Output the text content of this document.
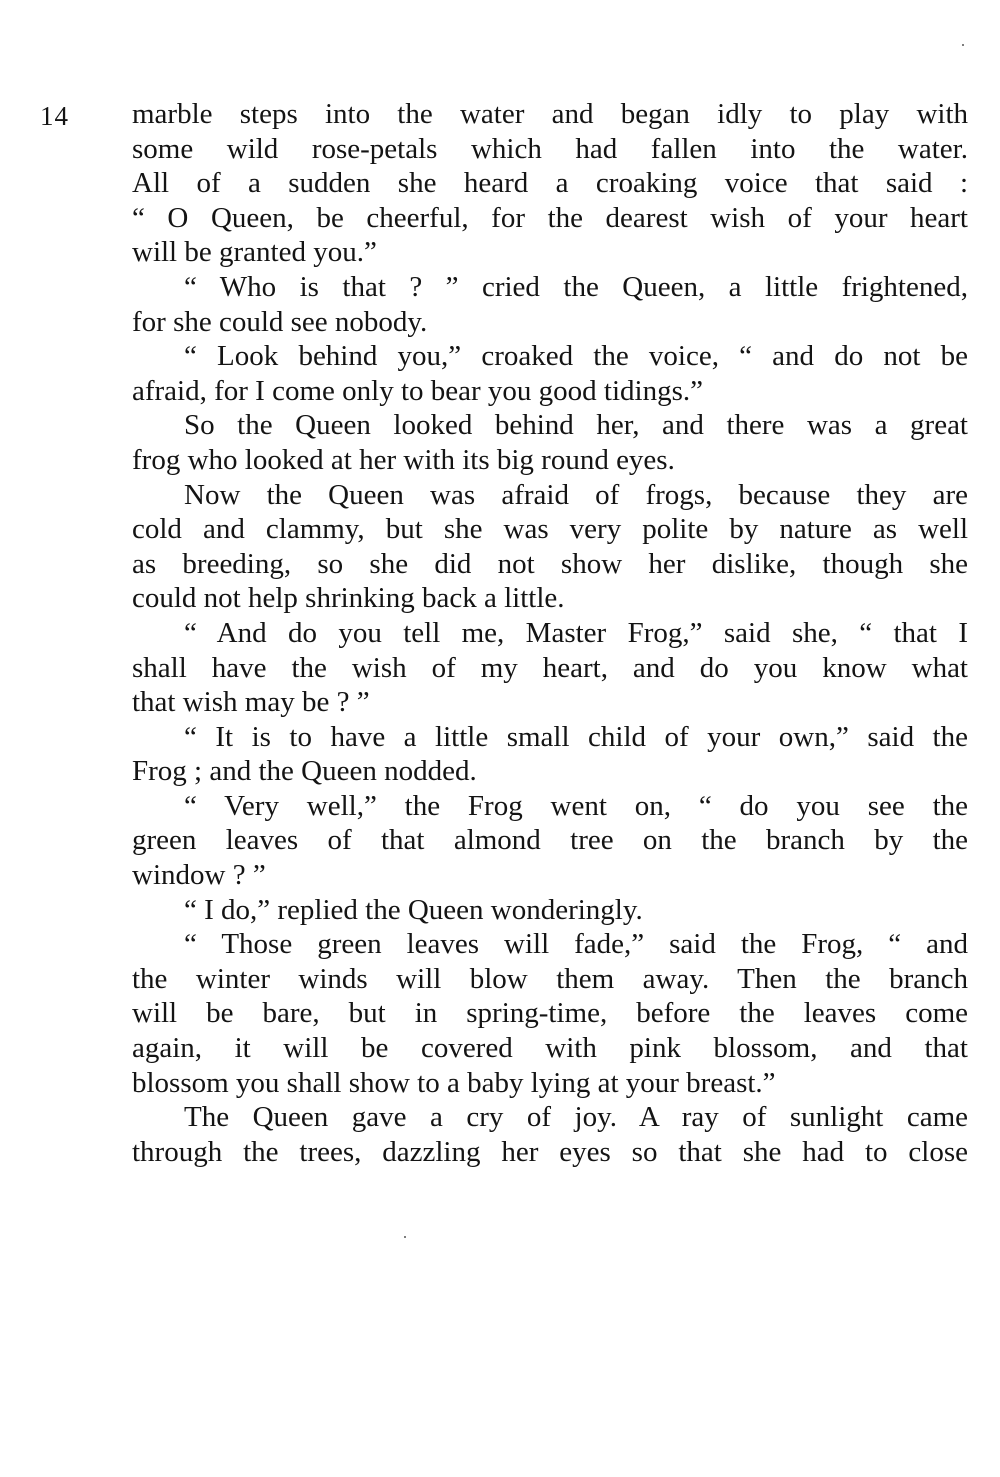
14 marble steps into the water and began idly to play with
some wild rose-petals which had fallen into the water.
All of a sudden she heard a croaking voice that said :
“ O Queen, be cheerful, for the dearest wish of your heart
will be granted you.”
“ Who is that ? ” cried the Queen, a little frightened,
for she could see nobody.
“ Look behind you,” croaked the voice, “ and do not be
afraid, for I come only to bear you good tidings.”
So the Queen looked behind her, and there was a great
frog who looked at her with its big round eyes.
Now the Queen was afraid of frogs, because they are
cold and clammy, but she was very polite by nature as well
as breeding, so she did not show her dislike, though she
could not help shrinking back a little.
“ And do you tell me, Master Frog,” said she, “ that I
shall have the wish of my heart, and do you know what
that wish may be ? ”
“ It is to have a little small child of your own,” said the
Frog ; and the Queen nodded.
“ Very well,” the Frog went on, “ do you see the
green leaves of that almond tree on the branch by the
window ? ”
“ I do,” replied the Queen wonderingly.
“ Those green leaves will fade,” said the Frog, “ and
the winter winds will blow them away. Then the branch
will be bare, but in spring-time, before the leaves come
again, it will be covered with pink blossom, and that
blossom you shall show to a baby lying at your breast.”
The Queen gave a cry of joy. A ray of sunlight came
through the trees, dazzling her eyes so that she had to close
